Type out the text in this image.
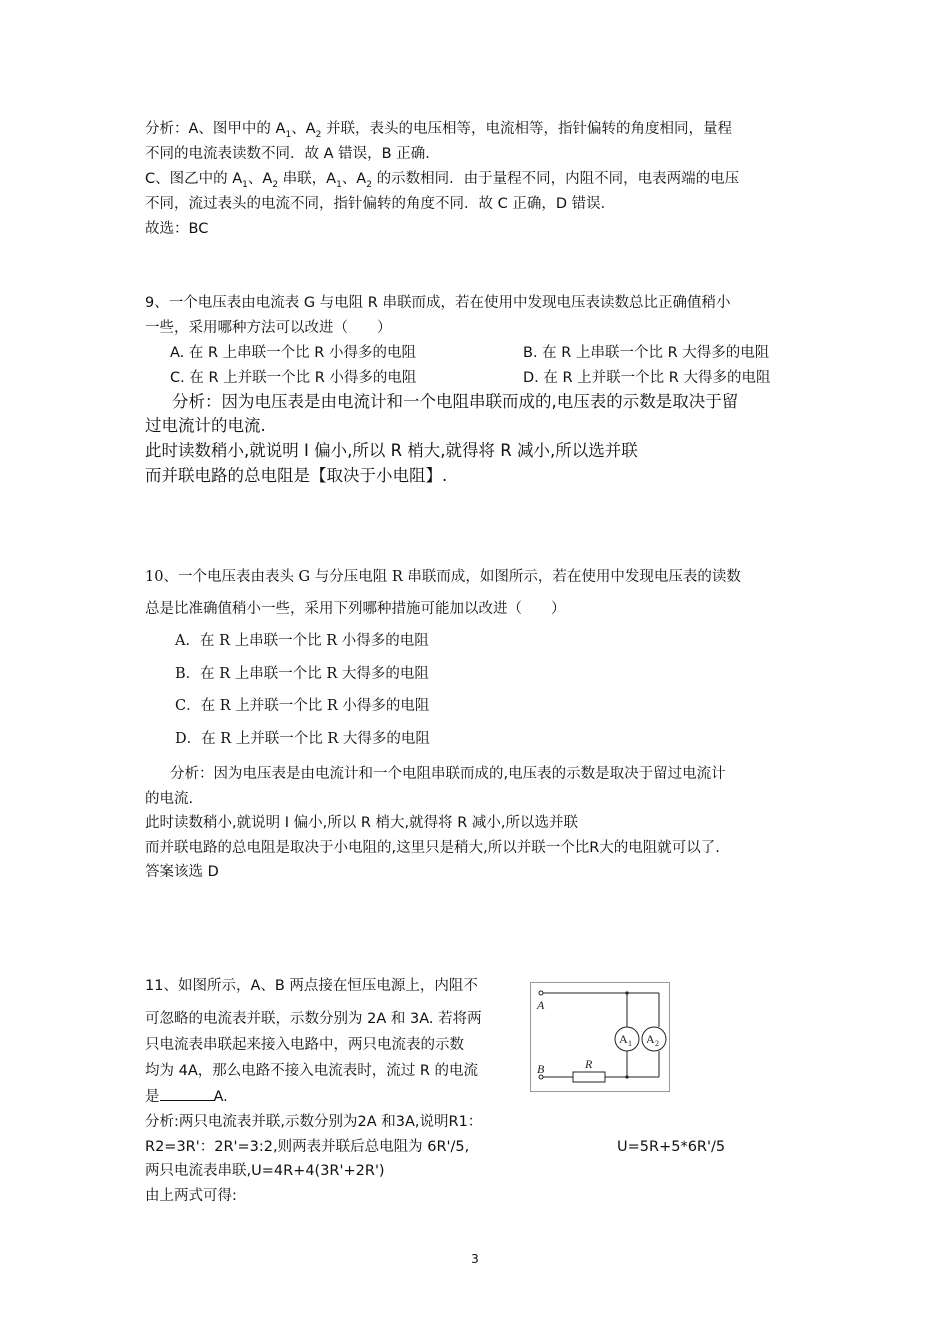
分析：A、图甲中的 $A_1$、$A_2$ 并联，表头的电压相等，电流相等，指针偏转的角度相同，量程
不同的电流表读数不同．故 A 错误，B 正确．
C、图乙中的 $A_1$、$A_2$ 串联，$A_1$、$A_2$ 的示数相同．由于量程不同，内阻不同，电表两端的电压
不同，流过表头的电流不同，指针偏转的角度不同．故 C 正确，D 错误．
故选：BC
9、一个电压表由电流表 G 与电阻 R 串联而成，若在使用中发现电压表读数总比正确值稍小
一些，采用哪种方法可以改进（　　）
A. 在 R 上串联一个比 R 小得多的电阻	B. 在 R 上串联一个比 R 大得多的电阻
C. 在 R 上并联一个比 R 小得多的电阻	D. 在 R 上并联一个比 R 大得多的电阻
分析：因为电压表是由电流计和一个电阻串联而成的,电压表的示数是取决于留
过电流计的电流.
此时读数稍小,就说明 I 偏小,所以 R 梢大,就得将 R 减小,所以选并联
而并联电路的总电阻是【取决于小电阻】.
10、一个电压表由表头 G 与分压电阻 R 串联而成，如图所示，若在使用中发现电压表的读数
总是比准确值稍小一些，采用下列哪种措施可能加以改进（　　）
A．在 R 上串联一个比 R 小得多的电阻
B．在 R 上串联一个比 R 大得多的电阻
C．在 R 上并联一个比 R 小得多的电阻
D．在 R 上并联一个比 R 大得多的电阻
分析：因为电压表是由电流计和一个电阻串联而成的,电压表的示数是取决于留过电流计
的电流.
此时读数稍小,就说明 I 偏小,所以 R 梢大,就得将 R 减小,所以选并联
而并联电路的总电阻是取决于小电阻的,这里只是稍大,所以并联一个比R大的电阻就可以了.
答案该选 D
11、如图所示，A、B 两点接在恒压电源上，内阻不
可忽略的电流表并联，示数分别为 2A 和 3A. 若将两
只电流表串联起来接入电路中，两只电流表的示数
均为 4A，那么电路不接入电流表时，流过 R 的电流
是	A.
分析:两只电流表并联,示数分别为2A 和3A,说明R1：
R2=3R'：2R'=3:2,则两表并联后总电阻为 6R'/5,	U=5R+5*6R'/5
两只电流表串联,U=4R+4(3R'+2R')
由上两式可得:
A
B	R
A 1 A 2
3
